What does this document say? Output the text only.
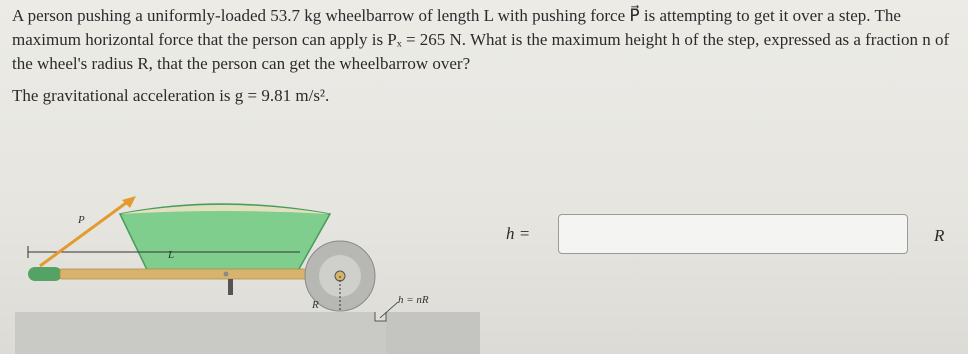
A person pushing a uniformly-loaded 53.7 kg wheelbarrow of length L with pushing force P⃗ is attempting to get it over a step. The maximum horizontal force that the person can apply is Pₓ = 265 N. What is the maximum height h of the step, expressed as a fraction n of the wheel's radius R, that the person can get the wheelbarrow over?

The gravitational acceleration is g = 9.81 m/s².

L
R	h = nR
P⃗
h =	R
